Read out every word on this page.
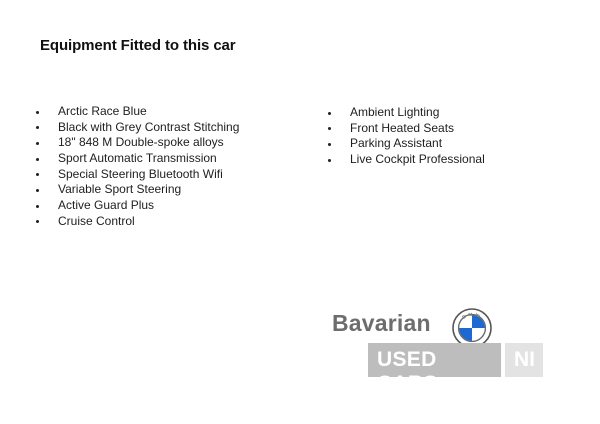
Equipment Fitted to this car
Arctic Race Blue
Black with Grey Contrast Stitching
18" 848 M Double-spoke alloys
Sport Automatic Transmission
Special Steering Bluetooth Wifi
Variable Sport Steering
Active Guard Plus
Cruise Control
Ambient Lighting
Front Heated Seats
Parking Assistant
Live Cockpit Professional
Bavarian	BMW
USED CARS
NI
